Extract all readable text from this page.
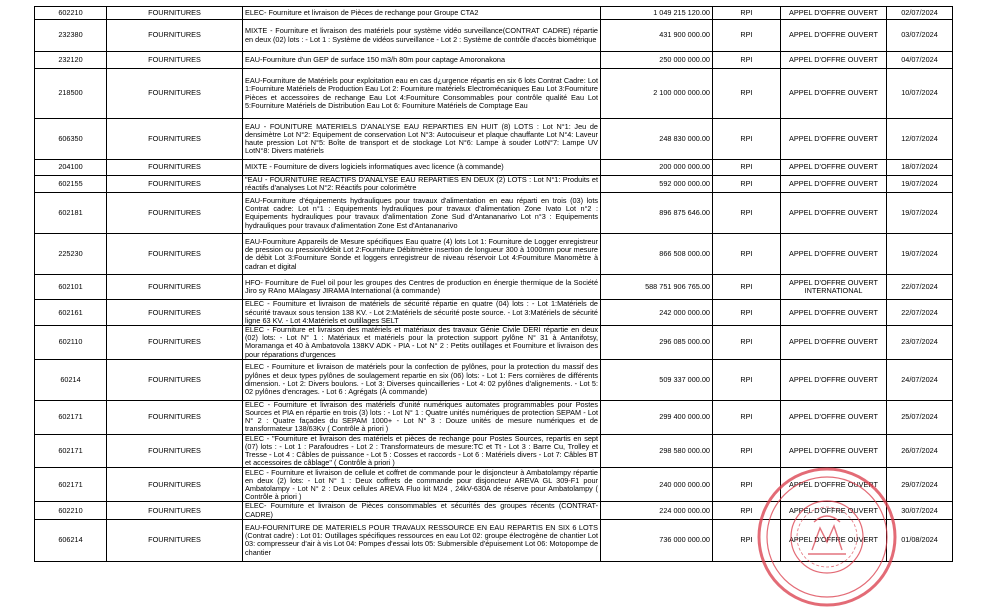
602210	FOURNITURES	ELEC- Fourniture et livraison de Pièces de rechange pour Groupe CTA2	1 049 215 120.00	RPI	APPEL D'OFFRE OUVERT	02/07/2024
232380	FOURNITURES	MIXTE - Fourniture et livraison des matériels pour système vidéo surveillance(CONTRAT CADRE) répartie en deux (02) lots : - Lot 1 : Système de vidéos surveillance - Lot 2 : Système de contrôle d'accès biométrique	431 900 000.00	RPI	APPEL D'OFFRE OUVERT	03/07/2024
232120	FOURNITURES	EAU-Fourniture d'un GEP de surface 150 m3/h 80m pour captage Amoronakona	250 000 000.00	RPI	APPEL D'OFFRE OUVERT	04/07/2024
218500	FOURNITURES	EAU-Fourniture de Matériels pour exploitation eau en cas d¿urgence répartis en six 6 lots Contrat Cadre: Lot 1:Fourniture Matériels de Production Eau Lot 2: Fourniture matériels Electromécaniques Eau Lot 3:Fourniture Pièces et accessoires de rechange Eau Lot 4:Fourniture Consommables pour contrôle qualité Eau Lot 5:Fourniture Matériels de Distribution Eau Lot 6: Fourniture Matériels de Comptage Eau	2 100 000 000.00	RPI	APPEL D'OFFRE OUVERT	10/07/2024
606350	FOURNITURES	EAU - FOUNITURE MATERIELS D'ANALYSE EAU REPARTIES EN HUIT (8) LOTS : Lot N°1: Jeu de densimètre Lot N°2: Equipement de conservation Lot N°3: Autocuiseur et plaque chauffante Lot N°4: Laveur haute pression Lot N°5: Boîte de transport et de stockage Lot N°6: Lampe à souder LotN°7: Lampe UV LotN°8: Divers matériels	248 830 000.00	RPI	APPEL D'OFFRE OUVERT	12/07/2024
204100	FOURNITURES	MIXTE - Fourniture de divers logiciels informatiques avec licence (à commande)	200 000 000.00	RPI	APPEL D'OFFRE OUVERT	18/07/2024
602155	FOURNITURES	"EAU - FOURNITURE REACTIFS D'ANALYSE EAU REPARTIES EN DEUX (2) LOTS : Lot N°1: Produits et réactifs d'analyses Lot N°2: Réactifs pour colorimètre	592 000 000.00	RPI	APPEL D'OFFRE OUVERT	19/07/2024
602181	FOURNITURES	EAU-Fourniture d'équipements hydrauliques pour travaux d'alimentation en eau réparti en trois (03) lots Contrat cadre: Lot n°1 : Equipements hydrauliques pour travaux d'alimentation Zone Ivato Lot n°2 : Equipements hydrauliques pour travaux d'alimentation Zone Sud d'Antananarivo Lot n°3 : Equipements hydrauliques pour travaux d'alimentation Zone Est d'Antananarivo	896 875 646.00	RPI	APPEL D'OFFRE OUVERT	19/07/2024
225230	FOURNITURES	EAU-Fourniture Appareils de Mesure spécifiques Eau quatre (4) lots Lot 1: Fourniture de Logger enregistreur de pression ou pression/débit Lot 2:Fourniture Débitmètre insertion de longueur 300 à 1000mm pour mesure de débit Lot 3:Fourniture Sonde et loggers enregistreur de niveau réservoir Lot 4:Fourniture Manomètre à cadran et digital	866 508 000.00	RPI	APPEL D'OFFRE OUVERT	19/07/2024
602101	FOURNITURES	HFO- Fourniture de Fuel oil pour les groupes des Centres de production en énergie thermique de la Société Jiro sy RAno MAlagasy JIRAMA International (à commande)	588 751 906 765.00	RPI	APPEL D'OFFRE OUVERT INTERNATIONAL	22/07/2024
602161	FOURNITURES	ELEC - Fourniture et livraison de matériels de sécurité répartie en quatre (04) lots : - Lot 1:Matériels de sécurité travaux sous tension 138 KV. - Lot 2:Matériels de sécurité poste source. - Lot 3:Matériels de sécurité ligne 63 KV. - Lot 4:Matériels et outillages SELT	242 000 000.00	RPI	APPEL D'OFFRE OUVERT	22/07/2024
602110	FOURNITURES	ELEC - Fourniture et livraison des matériels et matériaux des travaux Génie Civile DERI répartie en deux (02) lots: - Lot N° 1 : Matériaux et matériels pour la protection support pylône N° 31 à Antanifotsy, Moramanga et 40 à Ambatovola 138KV ADK - PIA - Lot N° 2 : Petits outillages et Fourniture et livraison des pour réparations d'urgences	296 085 000.00	RPI	APPEL D'OFFRE OUVERT	23/07/2024
60214	FOURNITURES	ELEC - Fourniture et livraison de matériels pour la confection de pylônes, pour la protection du massif des pylônes et deux types pylônes de soulagement repartie en six (06) lots: - Lot 1: Fers cornières de différents dimension. - Lot 2: Divers boulons. - Lot 3: Diverses quincailleries - Lot 4: 02 pylônes d'alignements. - Lot 5: 02 pylônes d'encrages. - Lot 6 : Agrégats (À commande)	509 337 000.00	RPI	APPEL D'OFFRE OUVERT	24/07/2024
602171	FOURNITURES	ELEC - Fourniture et livraison des matériels d'unité numériques automates programmables pour Postes Sources et PIA en répartie en trois (3) lots : - Lot N° 1 : Quatre unités numériques de protection SEPAM - Lot N° 2 : Quatre façades du SEPAM 1000+ - Lot N° 3 : Douze unités de mesure numériques et de transformateur 138/63Kv ( Contrôle à priori )	299 400 000.00	RPI	APPEL D'OFFRE OUVERT	25/07/2024
602171	FOURNITURES	ELEC - "Fourniture et livraison des matériels et pièces de rechange pour Postes Sources, repartis en sept (07) lots : - Lot 1 : Parafoudres - Lot 2 : Transformateurs de mesure:TC et Tt - Lot 3 : Barre Cu, Trolley et Tresse - Lot 4 : Câbles de puissance - Lot 5 : Cosses et raccords - Lot 6 : Matériels divers - Lot 7: Câbles BT et accessoires de câblage" ( Contrôle à priori )	298 580 000.00	RPI	APPEL D'OFFRE OUVERT	26/07/2024
602171	FOURNITURES	ELEC - Fourniture et livraison de cellule et coffret de commande pour le disjoncteur à Ambatolampy répartie en deux (2) lots: - Lot N° 1 : Deux coffrets de commande pour disjoncteur AREVA GL 309-F1 pour Ambatolampy - Lot N° 2 : Deux cellules AREVA Fluo kit M24 , 24kV-630A de réserve pour Ambatolampy ( Contrôle à priori )	240 000 000.00	RPI	APPEL D'OFFRE OUVERT	29/07/2024
602210	FOURNITURES	ELEC- Fourniture et livraison de Pièces consommables et sécurités des groupes récents (CONTRAT-CADRE)	224 000 000.00	RPI	APPEL D'OFFRE OUVERT	30/07/2024
606214	FOURNITURES	EAU-FOURNITURE DE MATERIELS POUR TRAVAUX RESSOURCE EN EAU REPARTIS EN SIX 6 LOTS (Contrat cadre) : Lot 01: Outillages spécifiques ressources en eau Lot 02: groupe électrogène de chantier Lot 03: compresseur d'air à vis Lot 04: Pompes d'essai lots 05: Submersible d'épuisement Lot 06: Motopompe de chantier	736 000 000.00	RPI	APPEL D'OFFRE OUVERT	01/08/2024
